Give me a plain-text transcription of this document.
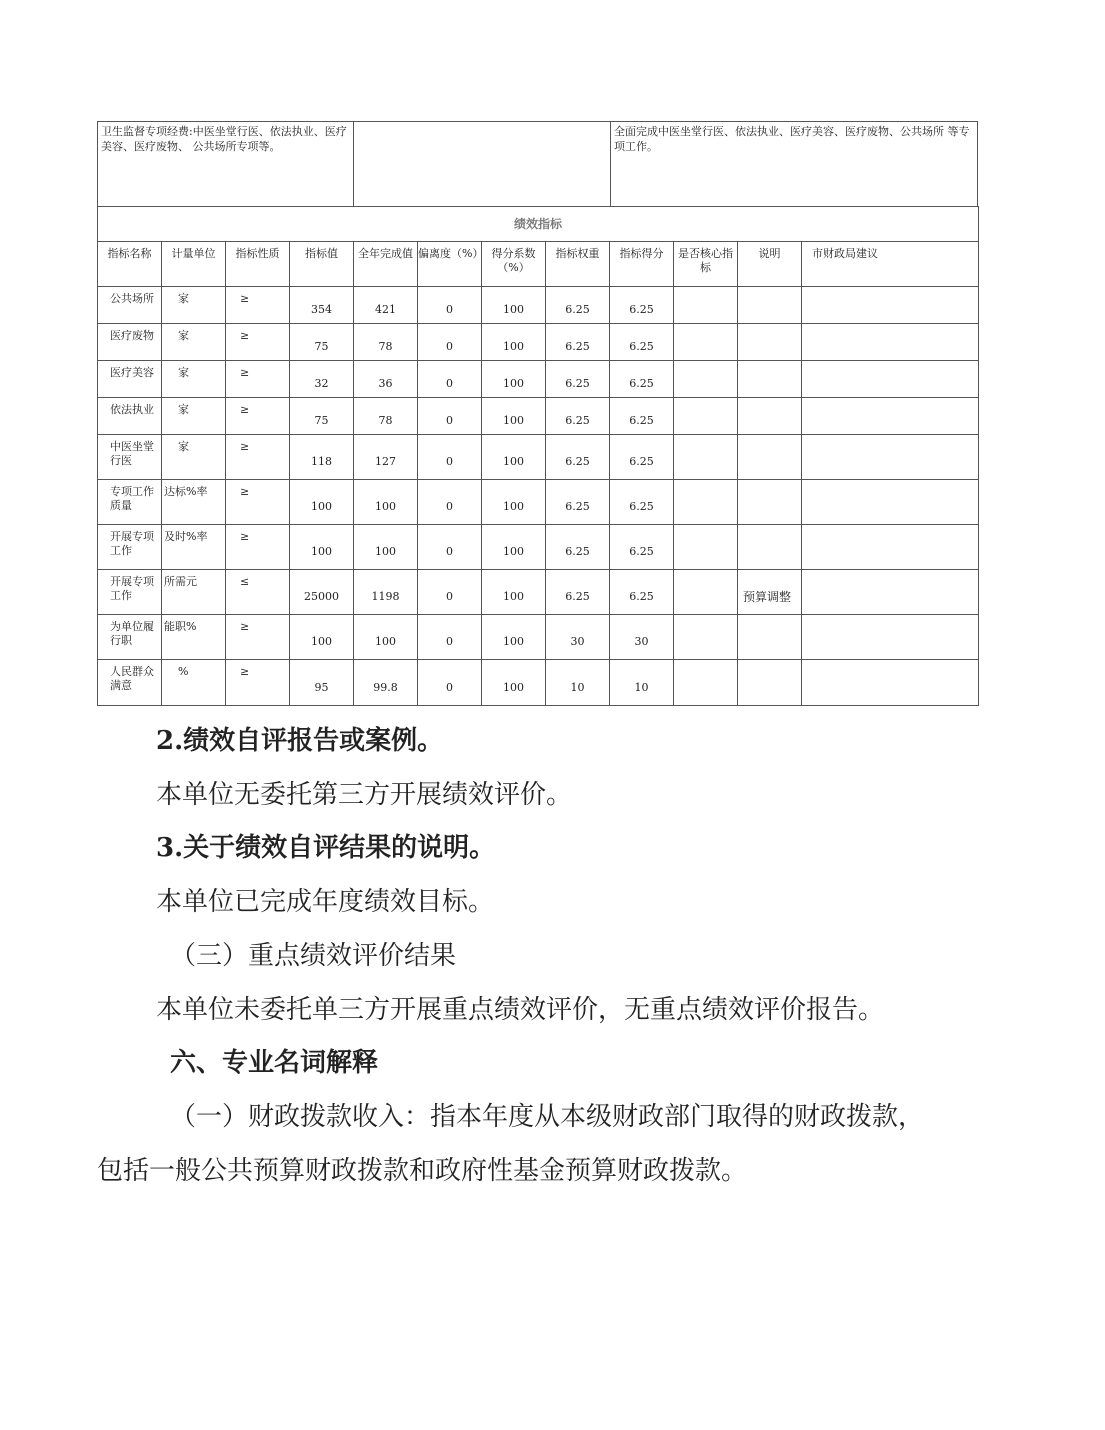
卫生监督专项经费:中医坐堂行医、依法执业、医疗美容、医疗废物、 公共场所专项等。
全面完成中医坐堂行医、依法执业、医疗美容、医疗废物、公共场所 等专项工作。
绩效指标											
指标名称	计量单位	指标性质	指标值	全年完成值	偏离度（%）	得分系数（%）	指标权重	指标得分	是否核心指标	说明	市财政局建议
公共场所	家	≥	354	421	0	100	6.25	6.25			
医疗废物	家	≥	75	78	0	100	6.25	6.25			
医疗美容	家	≥	32	36	0	100	6.25	6.25			
依法执业	家	≥	75	78	0	100	6.25	6.25			
中医坐堂行医	家	≥	118	127	0	100	6.25	6.25			
专项工作质量	达标%率	≥	100	100	0	100	6.25	6.25			
开展专项工作	及时%率	≥	100	100	0	100	6.25	6.25			
开展专项工作	所需元	≤	25000	1198	0	100	6.25	6.25		预算调整	
为单位履行职	能职%	≥	100	100	0	100	30	30			
人民群众满意	%	≥	95	99.8	0	100	10	10			
2.绩效自评报告或案例。
本单位无委托第三方开展绩效评价。
3.关于绩效自评结果的说明。
本单位已完成年度绩效目标。
（三）重点绩效评价结果
本单位未委托单三方开展重点绩效评价，无重点绩效评价报告。
六、专业名词解释
（一）财政拨款收入：指本年度从本级财政部门取得的财政拨款，
包括一般公共预算财政拨款和政府性基金预算财政拨款。
